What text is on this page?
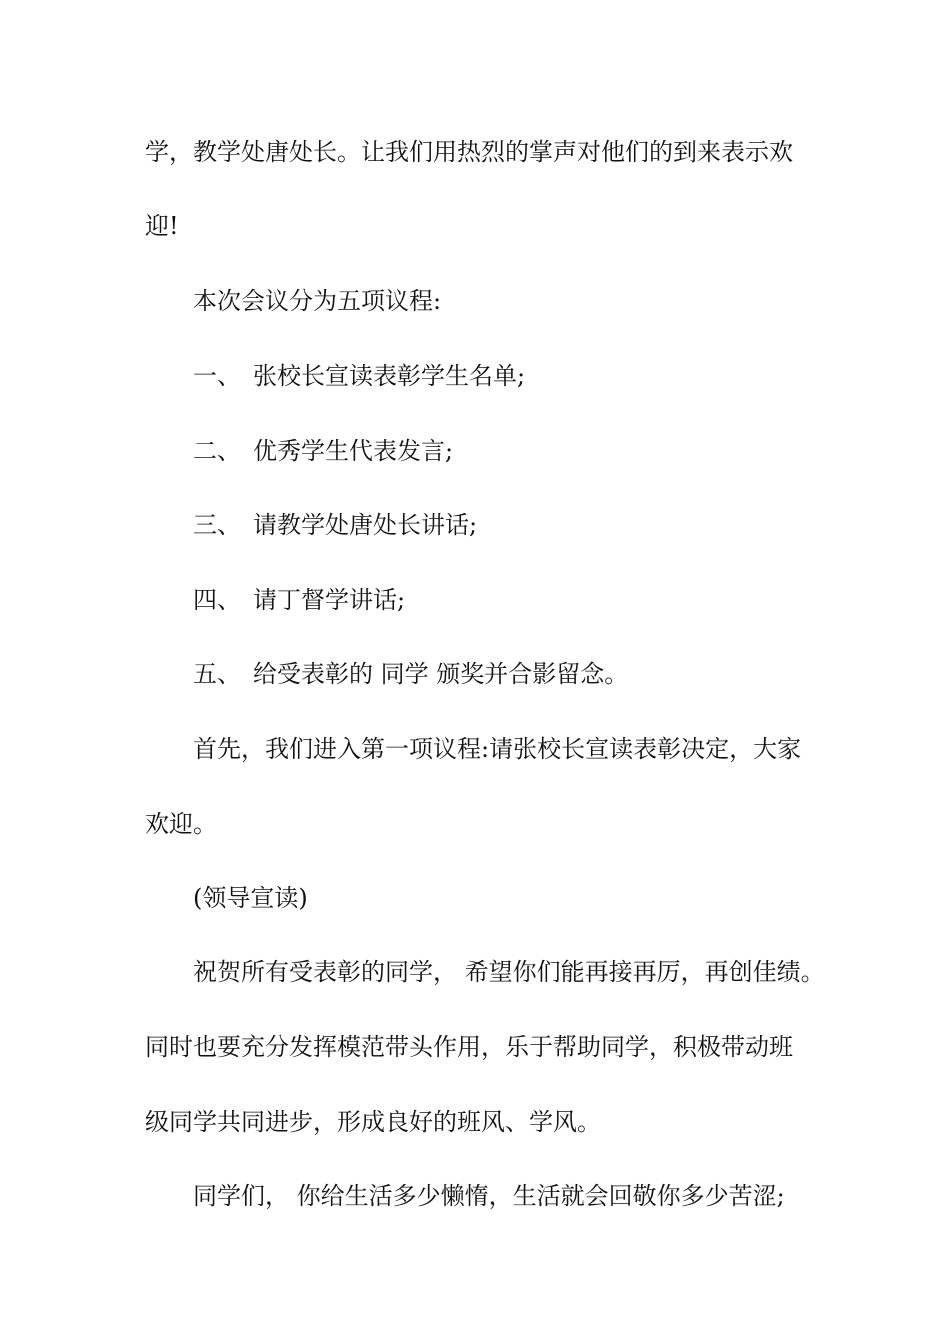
学，教学处唐处长。让我们用热烈的掌声对他们的到来表示欢
迎!
本次会议分为五项议程:
一、 张校长宣读表彰学生名单;
二、 优秀学生代表发言;
三、 请教学处唐处长讲话;
四、 请丁督学讲话;
五、 给受表彰的 同学 颁奖并合影留念。
首先，我们进入第一项议程:请张校长宣读表彰决定，大家
欢迎。
(领导宣读)
祝贺所有受表彰的同学， 希望你们能再接再厉，再创佳绩。
同时也要充分发挥模范带头作用，乐于帮助同学，积极带动班
级同学共同进步，形成良好的班风、学风。
同学们， 你给生活多少懒惰，生活就会回敬你多少苦涩;
